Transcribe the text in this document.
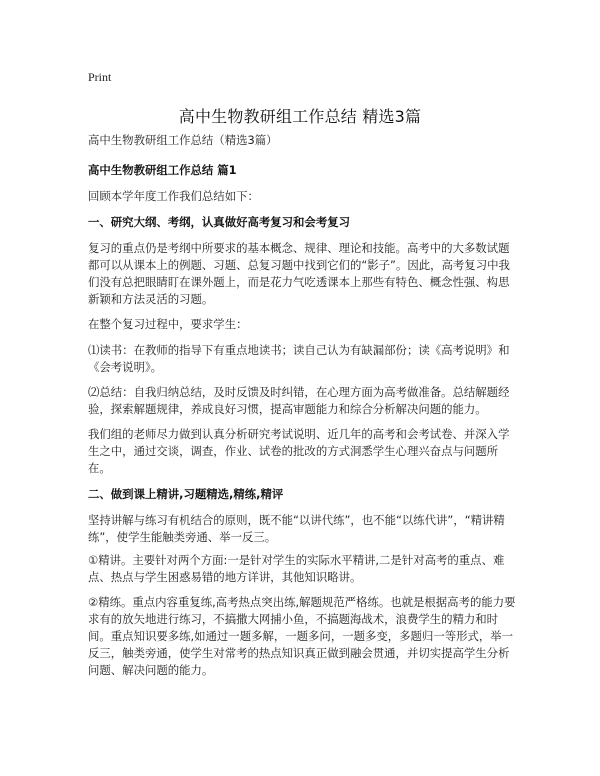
Print
高中生物教研组工作总结 精选3篇

高中生物教研组工作总结（精选3篇）

高中生物教研组工作总结 篇1

回顾本学年度工作我们总结如下：

一、研究大纲、考纲，认真做好高考复习和会考复习

复习的重点仍是考纲中所要求的基本概念、规律、理论和技能。高考中的大多数试题都可以从课本上的例题、习题、总复习题中找到它们的“影子”。因此，高考复习中我们没有总把眼睛盯在课外题上，而是花力气吃透课本上那些有特色、概念性强、构思新颖和方法灵活的习题。

在整个复习过程中，要求学生：

⑴读书：在教师的指导下有重点地读书；读自己认为有缺漏部份；读《高考说明》和《会考说明》。

⑵总结：自我归纳总结，及时反馈及时纠错，在心理方面为高考做准备。总结解题经验，探索解题规律，养成良好习惯，提高审题能力和综合分析解决问题的能力。

我们组的老师尽力做到认真分析研究考试说明、近几年的高考和会考试卷、并深入学生之中，通过交谈，调查，作业、试卷的批改的方式洞悉学生心理兴奋点与问题所在。

二、做到课上精讲,习题精选,精练,精评

坚持讲解与练习有机结合的原则，既不能“以讲代练”，也不能“以练代讲”，“精讲精练”，使学生能触类旁通、举一反三。

①精讲。主要针对两个方面:一是针对学生的实际水平精讲,二是针对高考的重点、难点、热点与学生困惑易错的地方详讲，其他知识略讲。

②精练。重点内容重复练,高考热点突出练,解题规范严格练。也就是根据高考的能力要求有的放矢地进行练习，不搞撒大网捕小鱼，不搞题海战术，浪费学生的精力和时间。重点知识要多练,如通过一题多解，一题多问，一题多变，多题归一等形式，举一反三，触类旁通，使学生对常考的热点知识真正做到融会贯通，并切实提高学生分析问题、解决问题的能力。
